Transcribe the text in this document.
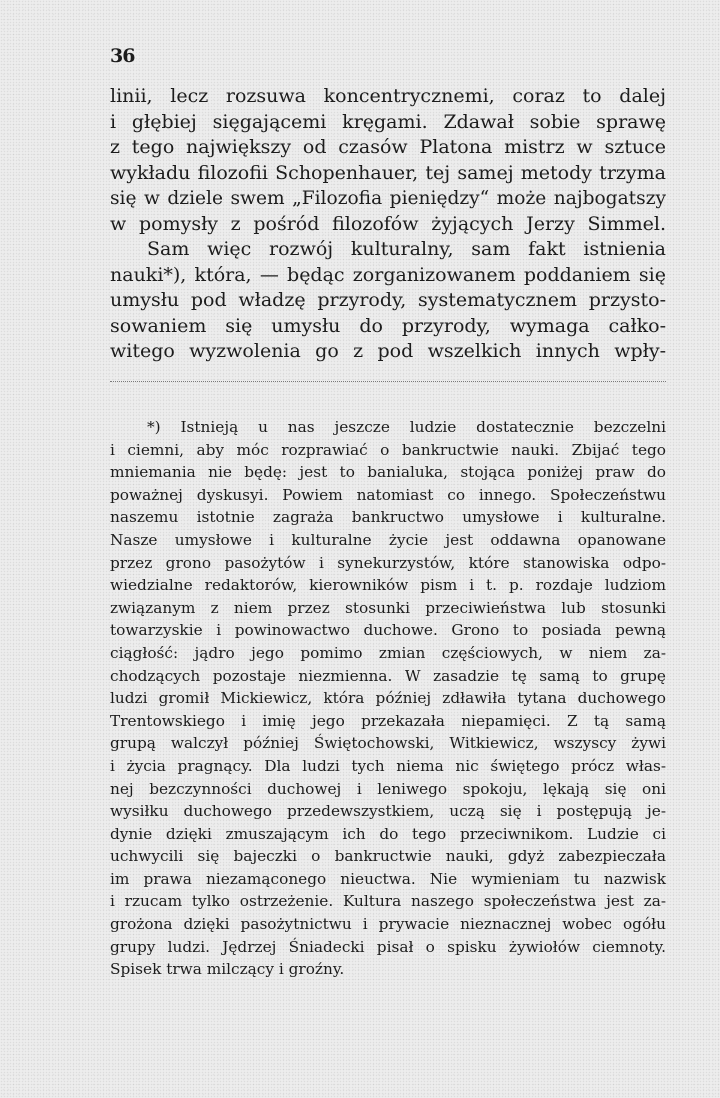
36

linii, lecz rozsuwa koncentrycznemi, coraz to dalej
i głębiej sięgającemi kręgami. Zdawał sobie sprawę
z tego największy od czasów Platona mistrz w sztuce
wykładu filozofii Schopenhauer, tej samej metody trzyma
się w dziele swem „Filozofia pieniędzy“ może najbogatszy
w pomysły z pośród filozofów żyjących Jerzy Simmel.
Sam więc rozwój kulturalny, sam fakt istnienia
nauki*), która, — będąc zorganizowanem poddaniem się
umysłu pod władzę przyrody, systematycznem przysto-
sowaniem się umysłu do przyrody, wymaga całko-
witego wyzwolenia go z pod wszelkich innych wpły-

*) Istnieją u nas jeszcze ludzie dostatecznie bezczelni
i ciemni, aby móc rozprawiać o bankructwie nauki. Zbijać tego
mniemania nie będę: jest to banialuka, stojąca poniżej praw do
poważnej dyskusyi. Powiem natomiast co innego. Społeczeństwu
naszemu istotnie zagraża bankructwo umysłowe i kulturalne.
Nasze umysłowe i kulturalne życie jest oddawna opanowane
przez grono pasożytów i synekurzystów, które stanowiska odpo-
wiedzialne redaktorów, kierowników pism i t. p. rozdaje ludziom
związanym z niem przez stosunki przeciwieństwa lub stosunki
towarzyskie i powinowactwo duchowe. Grono to posiada pewną
ciągłość: jądro jego pomimo zmian częściowych, w niem za-
chodzących pozostaje niezmienna. W zasadzie tę samą to grupę
ludzi gromił Mickiewicz, która później zdławiła tytana duchowego
Trentowskiego i imię jego przekazała niepamięci. Z tą samą
grupą walczył później Świętochowski, Witkiewicz, wszyscy żywi
i życia pragnący. Dla ludzi tych niema nic świętego prócz włas-
nej bezczynności duchowej i leniwego spokoju, lękają się oni
wysiłku duchowego przedewszystkiem, uczą się i postępują je-
dynie dzięki zmuszającym ich do tego przeciwnikom. Ludzie ci
uchwycili się bajeczki o bankructwie nauki, gdyż zabezpieczała
im prawa niezamąconego nieuctwa. Nie wymieniam tu nazwisk
i rzucam tylko ostrzeżenie. Kultura naszego społeczeństwa jest za-
grożona dzięki pasożytnictwu i prywacie nieznacznej wobec ogółu
grupy ludzi. Jędrzej Śniadecki pisał o spisku żywiołów ciemnoty.
Spisek trwa milczący i groźny.
